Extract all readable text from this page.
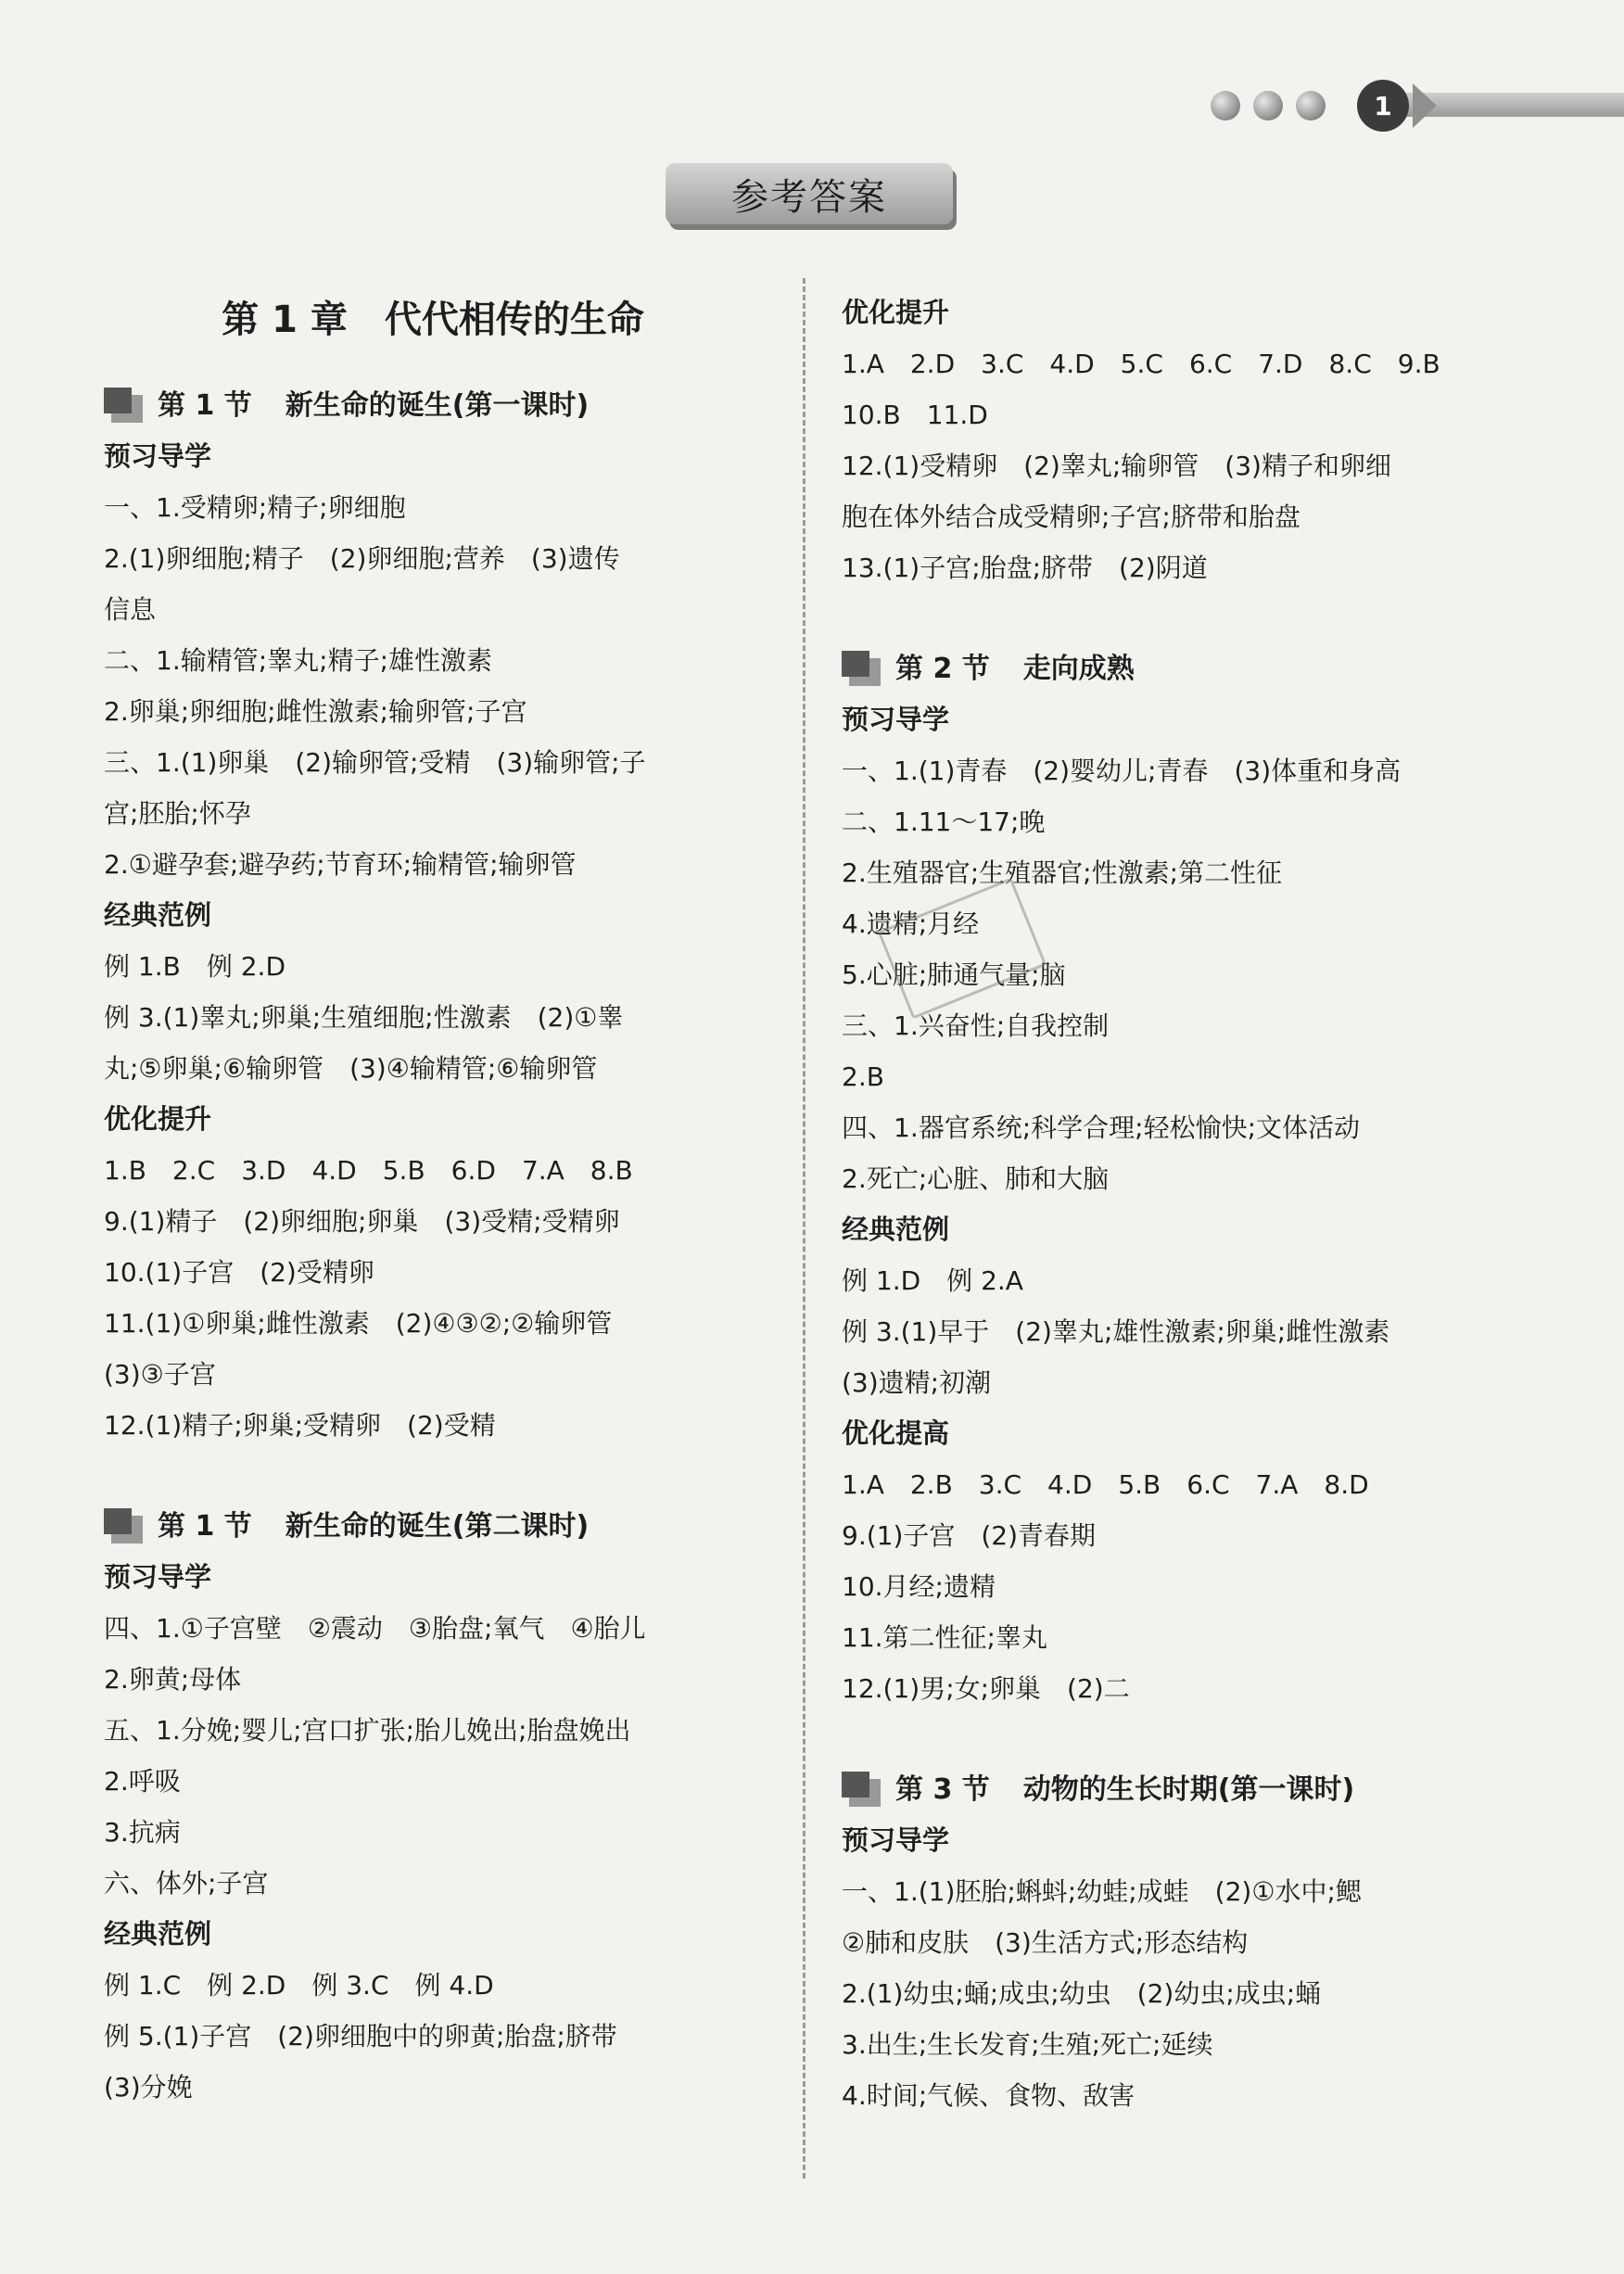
1
参考答案
第 1 章　代代相传的生命
第 1 节 新生命的诞生(第一课时)
预习导学
一、1.受精卵;精子;卵细胞
2.(1)卵细胞;精子　(2)卵细胞;营养　(3)遗传
信息
二、1.输精管;睾丸;精子;雄性激素
2.卵巢;卵细胞;雌性激素;输卵管;子宫
三、1.(1)卵巢　(2)输卵管;受精　(3)输卵管;子
宫;胚胎;怀孕
2.①避孕套;避孕药;节育环;输精管;输卵管
经典范例
例 1.B　例 2.D
例 3.(1)睾丸;卵巢;生殖细胞;性激素　(2)①睾
丸;⑤卵巢;⑥输卵管　(3)④输精管;⑥输卵管
优化提升
1.B　2.C　3.D　4.D　5.B　6.D　7.A　8.B
9.(1)精子　(2)卵细胞;卵巢　(3)受精;受精卵
10.(1)子宫　(2)受精卵
11.(1)①卵巢;雌性激素　(2)④③②;②输卵管
(3)③子宫
12.(1)精子;卵巢;受精卵　(2)受精
第 1 节 新生命的诞生(第二课时)
预习导学
四、1.①子宫壁　②震动　③胎盘;氧气　④胎儿
2.卵黄;母体
五、1.分娩;婴儿;宫口扩张;胎儿娩出;胎盘娩出
2.呼吸
3.抗病
六、体外;子宫
经典范例
例 1.C　例 2.D　例 3.C　例 4.D
例 5.(1)子宫　(2)卵细胞中的卵黄;胎盘;脐带
(3)分娩
优化提升
1.A　2.D　3.C　4.D　5.C　6.C　7.D　8.C　9.B
10.B　11.D
12.(1)受精卵　(2)睾丸;输卵管　(3)精子和卵细
胞在体外结合成受精卵;子宫;脐带和胎盘
13.(1)子宫;胎盘;脐带　(2)阴道
第 2 节 走向成熟
预习导学
一、1.(1)青春　(2)婴幼儿;青春　(3)体重和身高
二、1.11～17;晚
2.生殖器官;生殖器官;性激素;第二性征
4.遗精;月经
5.心脏;肺通气量;脑
三、1.兴奋性;自我控制
2.B
四、1.器官系统;科学合理;轻松愉快;文体活动
2.死亡;心脏、肺和大脑
经典范例
例 1.D　例 2.A
例 3.(1)早于　(2)睾丸;雄性激素;卵巢;雌性激素
(3)遗精;初潮
优化提高
1.A　2.B　3.C　4.D　5.B　6.C　7.A　8.D
9.(1)子宫　(2)青春期
10.月经;遗精
11.第二性征;睾丸
12.(1)男;女;卵巢　(2)二
第 3 节 动物的生长时期(第一课时)
预习导学
一、1.(1)胚胎;蝌蚪;幼蛙;成蛙　(2)①水中;鳃
②肺和皮肤　(3)生活方式;形态结构
2.(1)幼虫;蛹;成虫;幼虫　(2)幼虫;成虫;蛹
3.出生;生长发育;生殖;死亡;延续
4.时间;气候、食物、敌害
